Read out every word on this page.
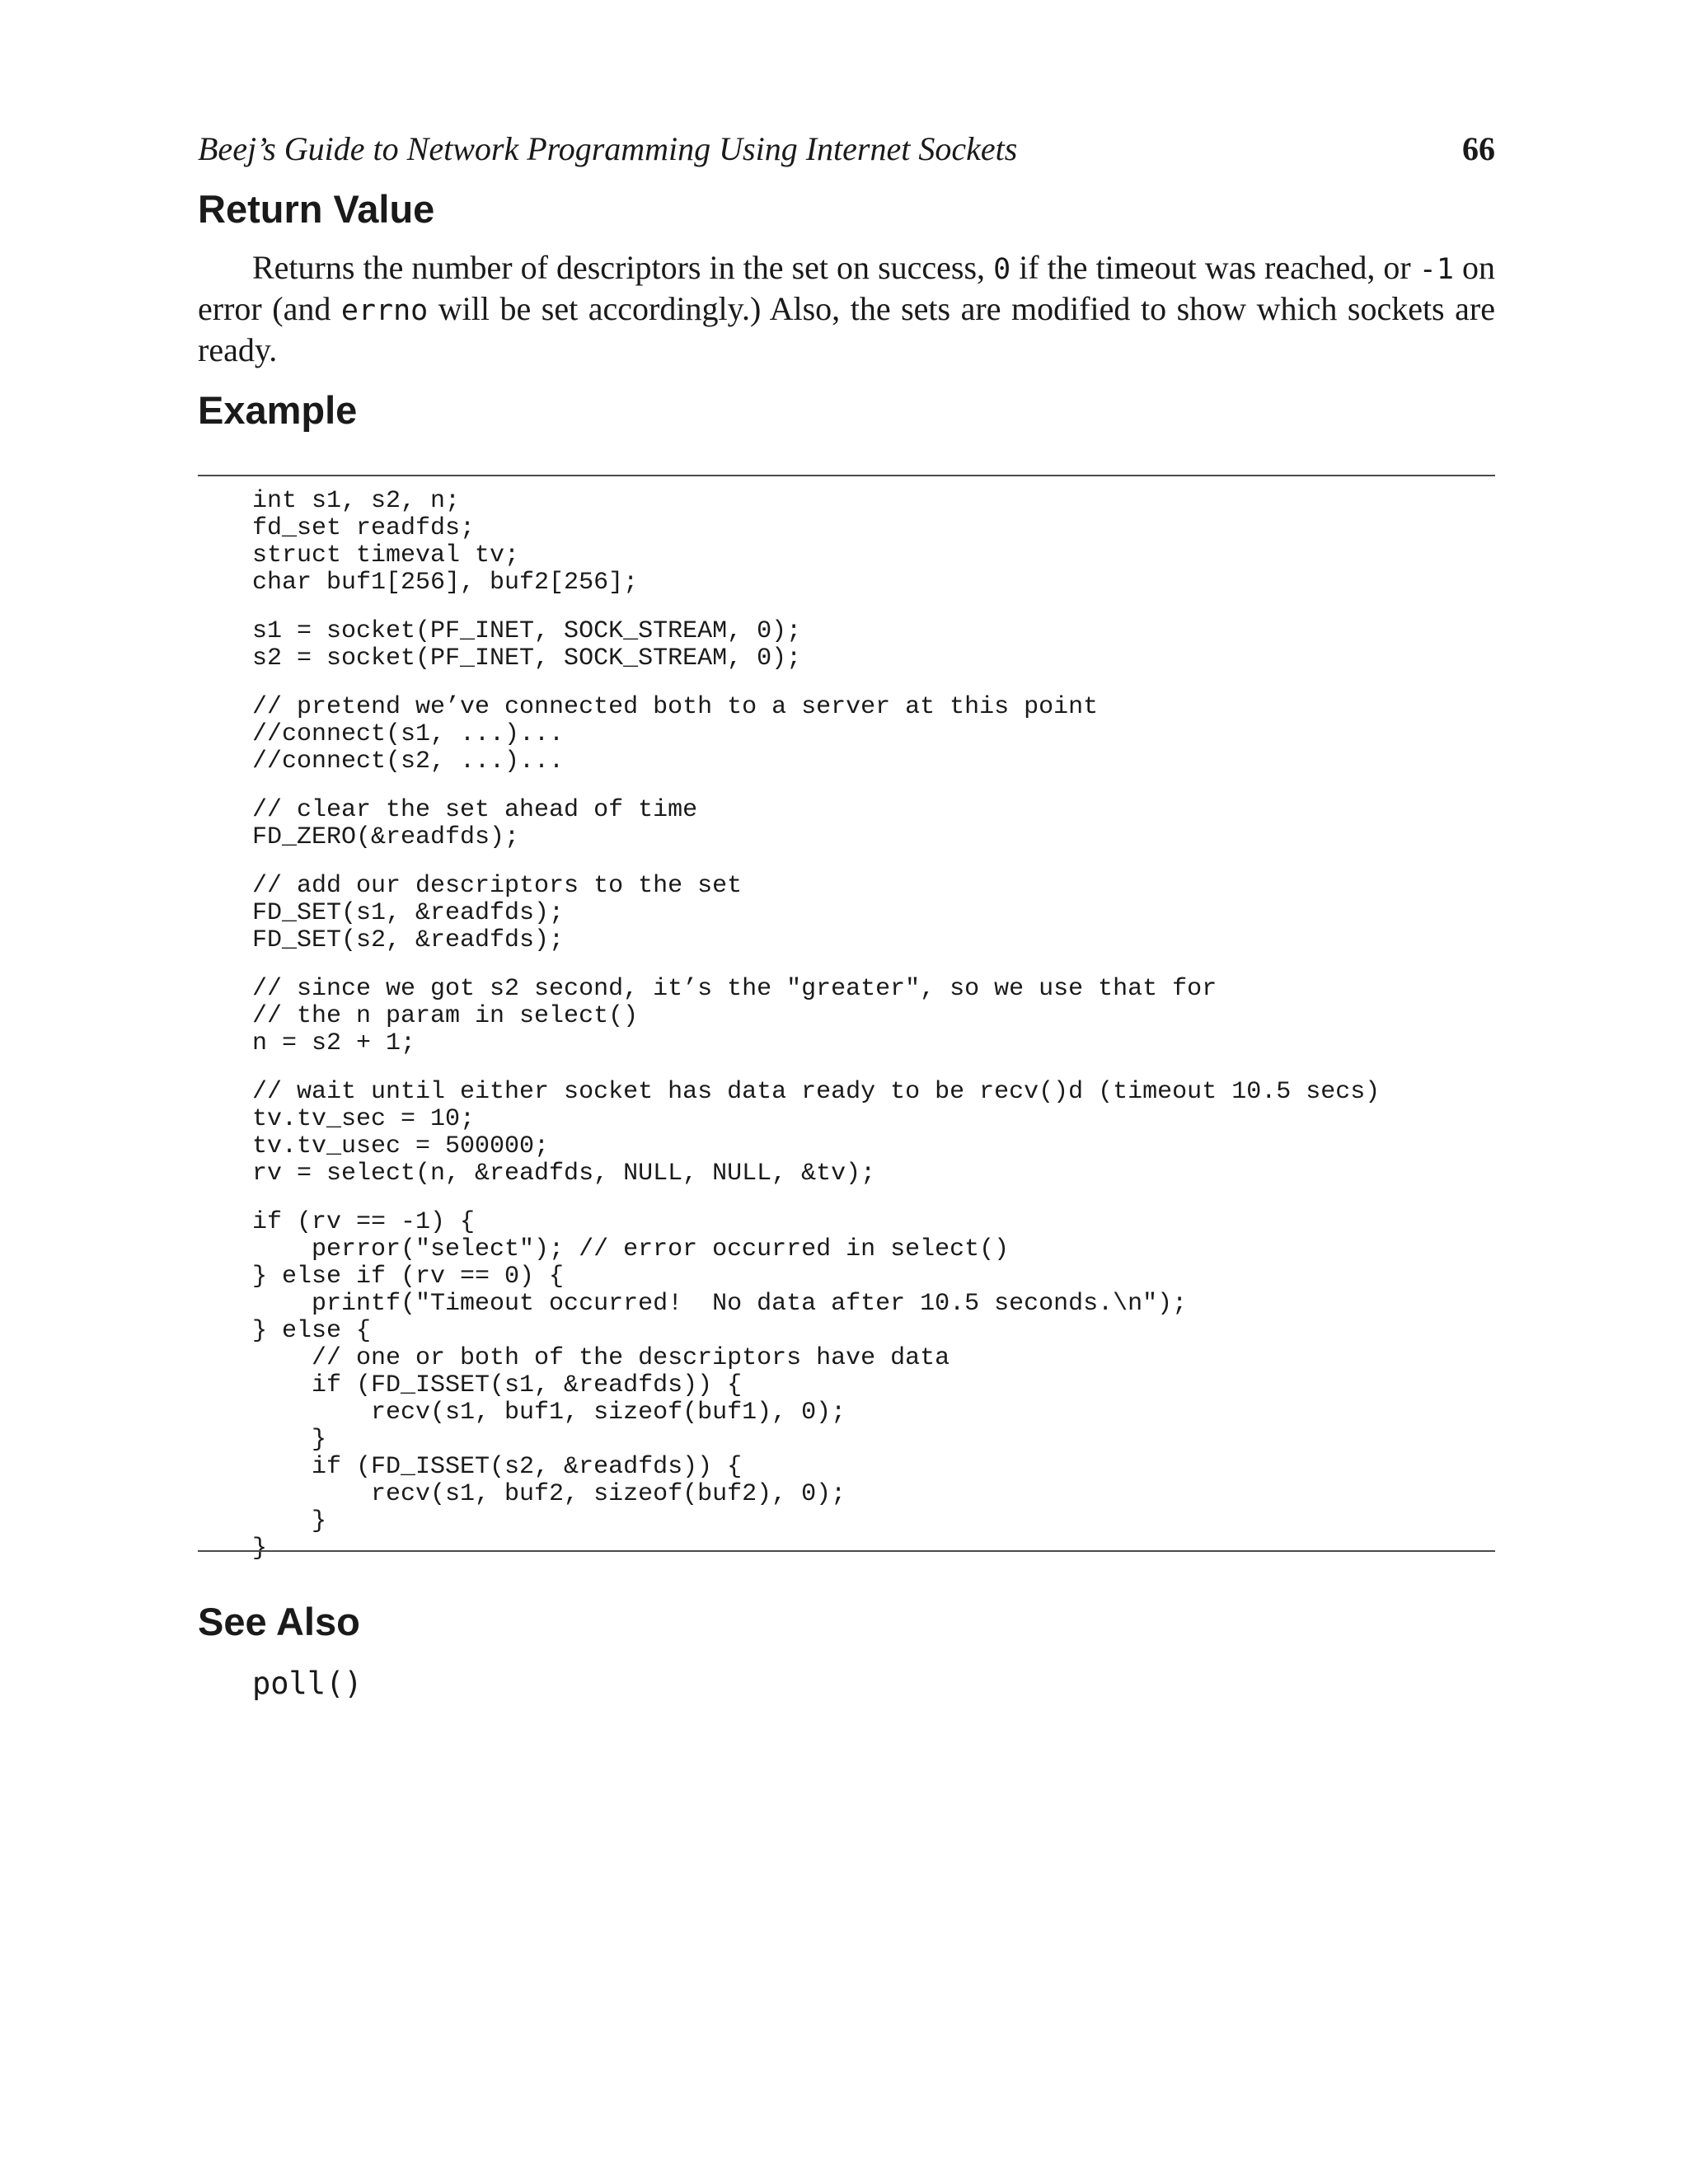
Beej’s Guide to Network Programming Using Internet Sockets	66
Return Value

Returns the number of descriptors in the set on success, 0 if the timeout was reached, or -1 on error (and errno will be set accordingly.) Also, the sets are modified to show which sockets are ready.

Example
int s1, s2, n;
fd_set readfds;
struct timeval tv;
char buf1[256], buf2[256];
s1 = socket(PF_INET, SOCK_STREAM, 0);
s2 = socket(PF_INET, SOCK_STREAM, 0);
// pretend we’ve connected both to a server at this point
//connect(s1, ...)...
//connect(s2, ...)...
// clear the set ahead of time
FD_ZERO(&readfds);
// add our descriptors to the set
FD_SET(s1, &readfds);
FD_SET(s2, &readfds);
// since we got s2 second, it’s the "greater", so we use that for
// the n param in select()
n = s2 + 1;
// wait until either socket has data ready to be recv()d (timeout 10.5 secs)
tv.tv_sec = 10;
tv.tv_usec = 500000;
rv = select(n, &readfds, NULL, NULL, &tv);
if (rv == -1) {
perror("select"); // error occurred in select()
} else if (rv == 0) {
printf("Timeout occurred!  No data after 10.5 seconds.\n");
} else {
// one or both of the descriptors have data
if (FD_ISSET(s1, &readfds)) {
recv(s1, buf1, sizeof(buf1), 0);
}
if (FD_ISSET(s2, &readfds)) {
recv(s1, buf2, sizeof(buf2), 0);
}
}
See Also
poll()
